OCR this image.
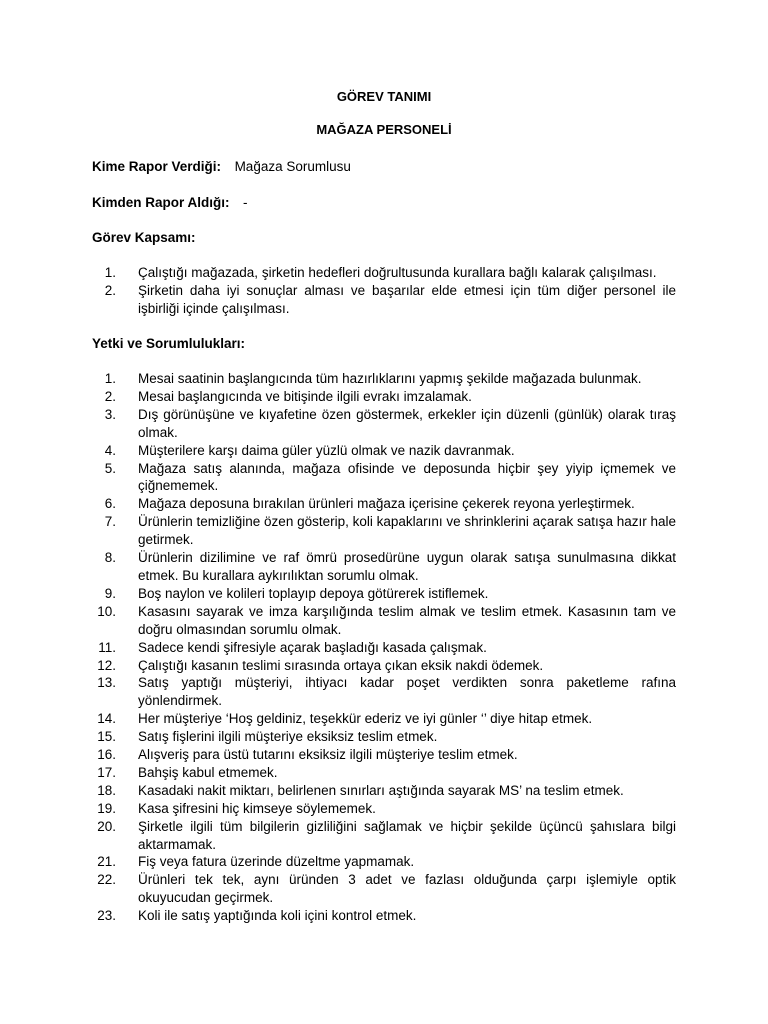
GÖREV TANIMI
MAĞAZA PERSONELİ
Kime Rapor Verdiği: Mağaza Sorumlusu
Kimden Rapor Aldığı: -
Görev Kapsamı:
1. Çalıştığı mağazada, şirketin hedefleri doğrultusunda kurallara bağlı kalarak çalışılması.
2. Şirketin daha iyi sonuçlar alması ve başarılar elde etmesi için tüm diğer personel ile işbirliği içinde çalışılması.
Yetki ve Sorumlulukları:
1. Mesai saatinin başlangıcında tüm hazırlıklarını yapmış şekilde mağazada bulunmak.
2. Mesai başlangıcında ve bitişinde ilgili evrakı imzalamak.
3. Dış görünüşüne ve kıyafetine özen göstermek, erkekler için düzenli (günlük) olarak tıraş olmak.
4. Müşterilere karşı daima güler yüzlü olmak ve nazik davranmak.
5. Mağaza satış alanında, mağaza ofisinde ve deposunda hiçbir şey yiyip içmemek ve çiğnememek.
6. Mağaza deposuna bırakılan ürünleri mağaza içerisine çekerek reyona yerleştirmek.
7. Ürünlerin temizliğine özen gösterip, koli kapaklarını ve shrinklerini açarak satışa hazır hale getirmek.
8. Ürünlerin dizilimine ve raf ömrü prosedürüne uygun olarak satışa sunulmasına dikkat etmek. Bu kurallara aykırılıktan sorumlu olmak.
9. Boş naylon ve kolileri toplayıp depoya götürerek istiflemek.
10. Kasasını sayarak ve imza karşılığında teslim almak ve teslim etmek. Kasasının tam ve doğru olmasından sorumlu olmak.
11. Sadece kendi şifresiyle açarak başladığı kasada çalışmak.
12. Çalıştığı kasanın teslimi sırasında ortaya çıkan eksik nakdi ödemek.
13. Satış yaptığı müşteriyi, ihtiyacı kadar poşet verdikten sonra paketleme rafına yönlendirmek.
14. Her müşteriye ‘Hoş geldiniz, teşekkür ederiz ve iyi günler ‘’ diye hitap etmek.
15. Satış fişlerini ilgili müşteriye eksiksiz teslim etmek.
16. Alışveriş para üstü tutarını eksiksiz ilgili müşteriye teslim etmek.
17. Bahşiş kabul etmemek.
18. Kasadaki nakit miktarı, belirlenen sınırları aştığında sayarak MS’ na teslim etmek.
19. Kasa şifresini hiç kimseye söylememek.
20. Şirketle ilgili tüm bilgilerin gizliliğini sağlamak ve hiçbir şekilde üçüncü şahıslara bilgi aktarmamak.
21. Fiş veya fatura üzerinde düzeltme yapmamak.
22. Ürünleri tek tek, aynı üründen 3 adet ve fazlası olduğunda çarpı işlemiyle optik okuyucudan geçirmek.
23. Koli ile satış yaptığında koli içini kontrol etmek.
